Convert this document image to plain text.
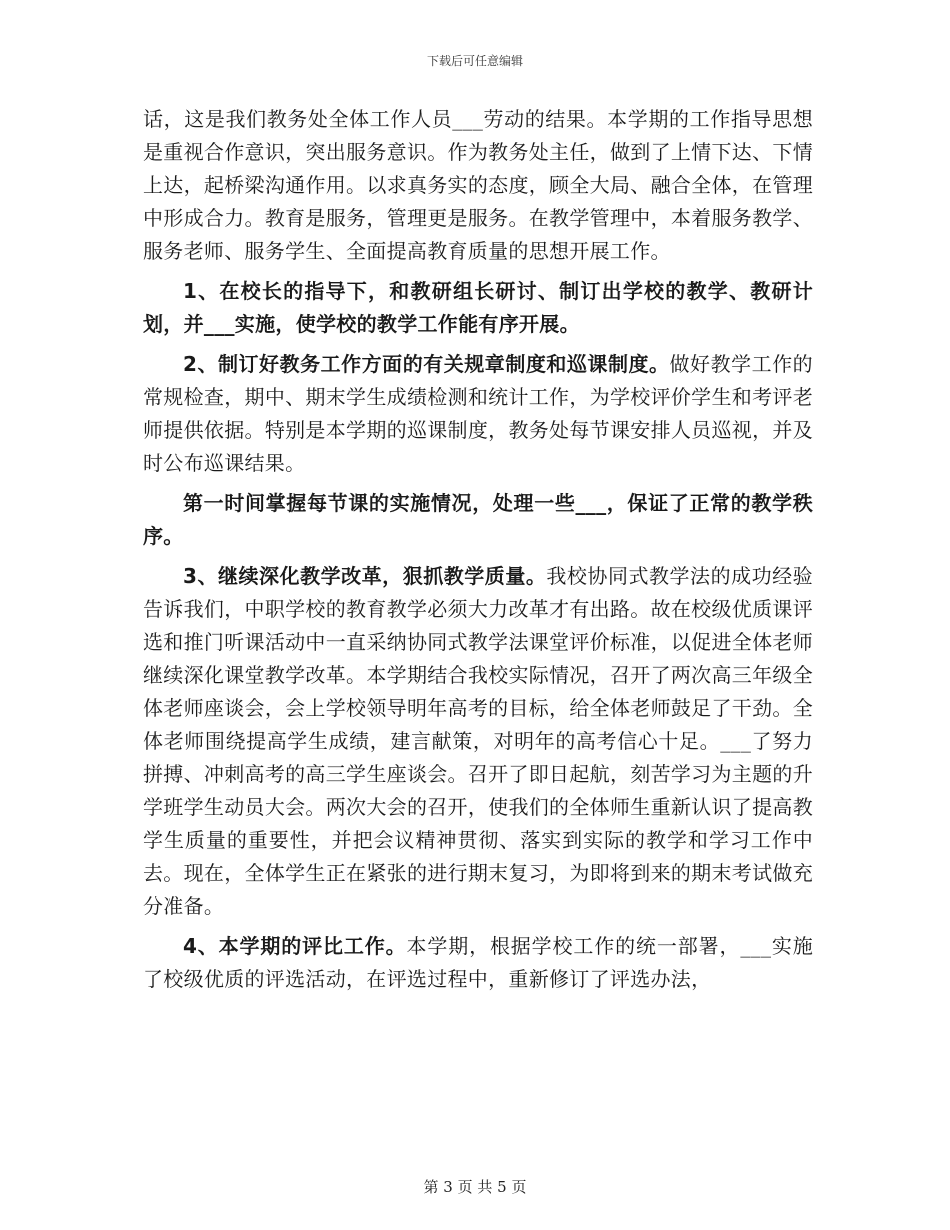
下载后可任意编辑

话，这是我们教务处全体工作人员___劳动的结果。本学期的工作指导思想是重视合作意识，突出服务意识。作为教务处主任，做到了上情下达、下情上达，起桥梁沟通作用。以求真务实的态度，顾全大局、融合全体，在管理中形成合力。教育是服务，管理更是服务。在教学管理中，本着服务教学、服务老师、服务学生、全面提高教育质量的思想开展工作。

1、在校长的指导下，和教研组长研讨、制订出学校的教学、教研计划，并___实施，使学校的教学工作能有序开展。

2、制订好教务工作方面的有关规章制度和巡课制度。做好教学工作的常规检查，期中、期末学生成绩检测和统计工作，为学校评价学生和考评老师提供依据。特别是本学期的巡课制度，教务处每节课安排人员巡视，并及时公布巡课结果。

第一时间掌握每节课的实施情况，处理一些___，保证了正常的教学秩序。

3、继续深化教学改革，狠抓教学质量。我校协同式教学法的成功经验告诉我们，中职学校的教育教学必须大力改革才有出路。故在校级优质课评选和推门听课活动中一直采纳协同式教学法课堂评价标准，以促进全体老师继续深化课堂教学改革。本学期结合我校实际情况，召开了两次高三年级全体老师座谈会，会上学校领导明年高考的目标，给全体老师鼓足了干劲。全体老师围绕提高学生成绩，建言献策，对明年的高考信心十足。___了努力拼搏、冲刺高考的高三学生座谈会。召开了即日起航，刻苦学习为主题的升学班学生动员大会。两次大会的召开，使我们的全体师生重新认识了提高教学生质量的重要性，并把会议精神贯彻、落实到实际的教学和学习工作中去。现在，全体学生正在紧张的进行期末复习，为即将到来的期末考试做充分准备。

4、本学期的评比工作。本学期，根据学校工作的统一部署，___实施了校级优质的评选活动，在评选过程中，重新修订了评选办法，

第 3 页 共 5 页
